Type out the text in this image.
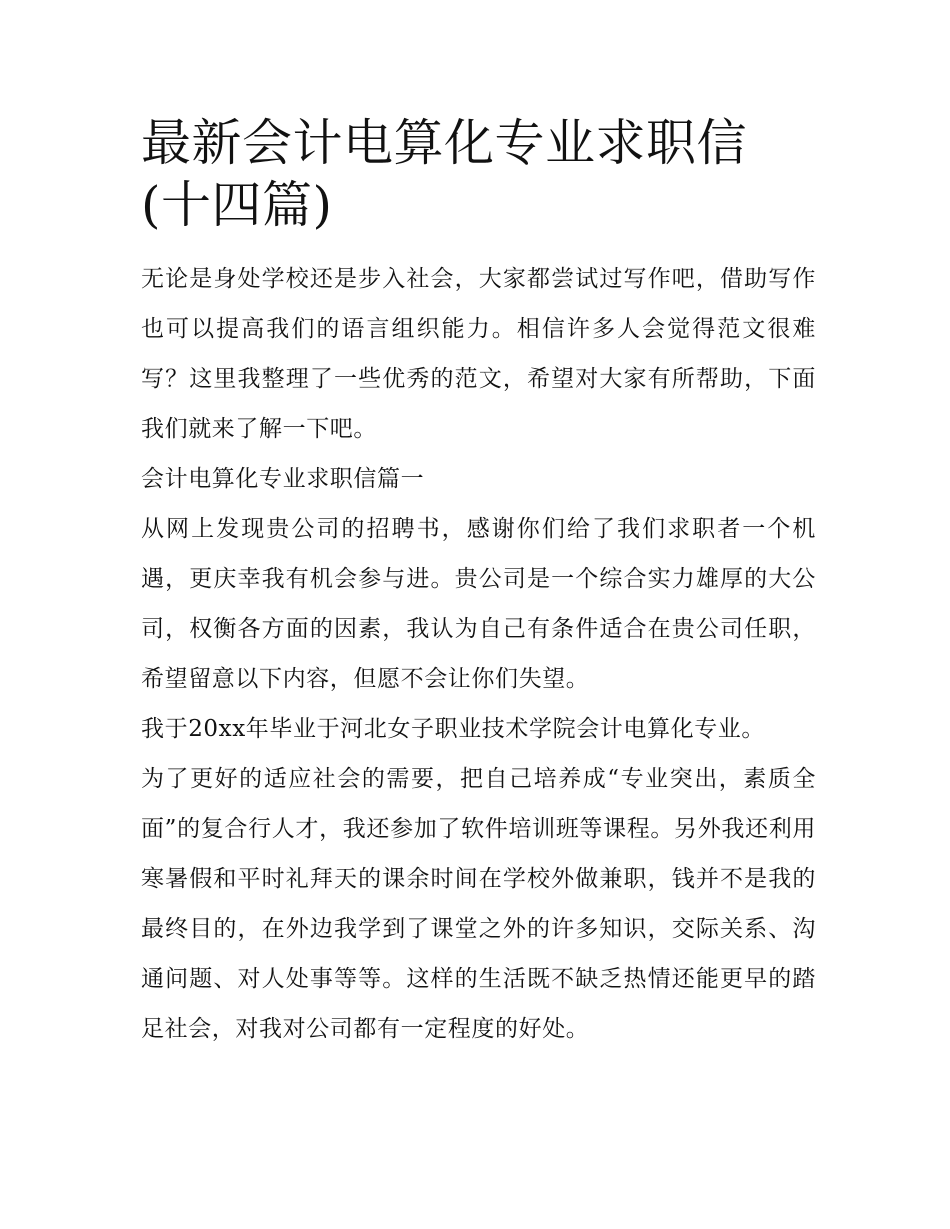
最新会计电算化专业求职信(十四篇)

无论是身处学校还是步入社会，大家都尝试过写作吧，借助写作也可以提高我们的语言组织能力。相信许多人会觉得范文很难写？这里我整理了一些优秀的范文，希望对大家有所帮助，下面我们就来了解一下吧。

会计电算化专业求职信篇一

从网上发现贵公司的招聘书，感谢你们给了我们求职者一个机遇，更庆幸我有机会参与进。贵公司是一个综合实力雄厚的大公司，权衡各方面的因素，我认为自己有条件适合在贵公司任职，希望留意以下内容，但愿不会让你们失望。

我于20xx年毕业于河北女子职业技术学院会计电算化专业。

为了更好的适应社会的需要，把自己培养成“专业突出，素质全面”的复合行人才，我还参加了软件培训班等课程。另外我还利用寒暑假和平时礼拜天的课余时间在学校外做兼职，钱并不是我的最终目的，在外边我学到了课堂之外的许多知识，交际关系、沟通问题、对人处事等等。这样的生活既不缺乏热情还能更早的踏足社会，对我对公司都有一定程度的好处。
